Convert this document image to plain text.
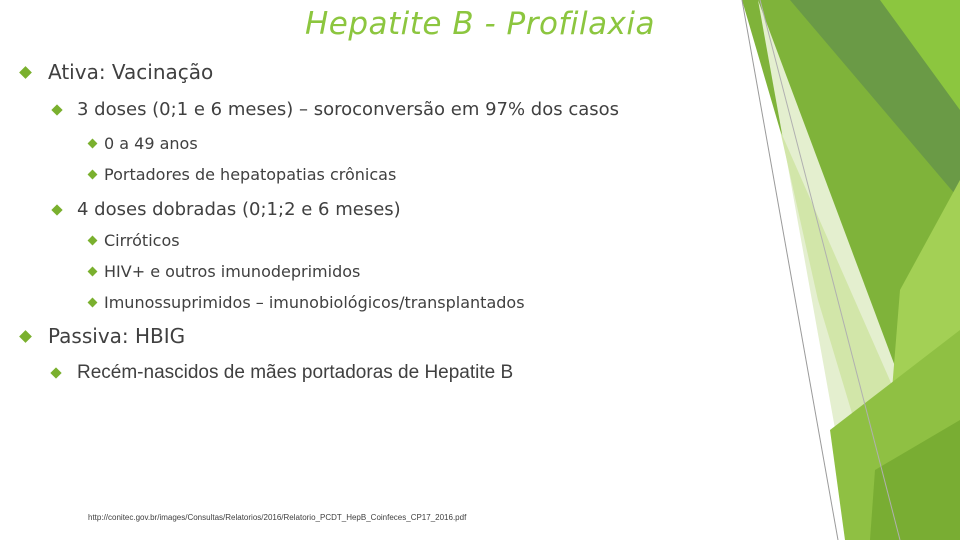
Hepatite B - Profilaxia
Ativa: Vacinação
3 doses (0;1 e 6 meses) – soroconversão em 97% dos casos
0 a 49 anos
Portadores de hepatopatias crônicas
4 doses dobradas (0;1;2 e 6 meses)
Cirróticos
HIV+ e outros imunodeprimidos
Imunossuprimidos – imunobiológicos/transplantados
Passiva: HBIG
Recém-nascidos de mães portadoras de Hepatite B
http://conitec.gov.br/images/Consultas/Relatorios/2016/Relatorio_PCDT_HepB_Coinfeces_CP17_2016.pdf
